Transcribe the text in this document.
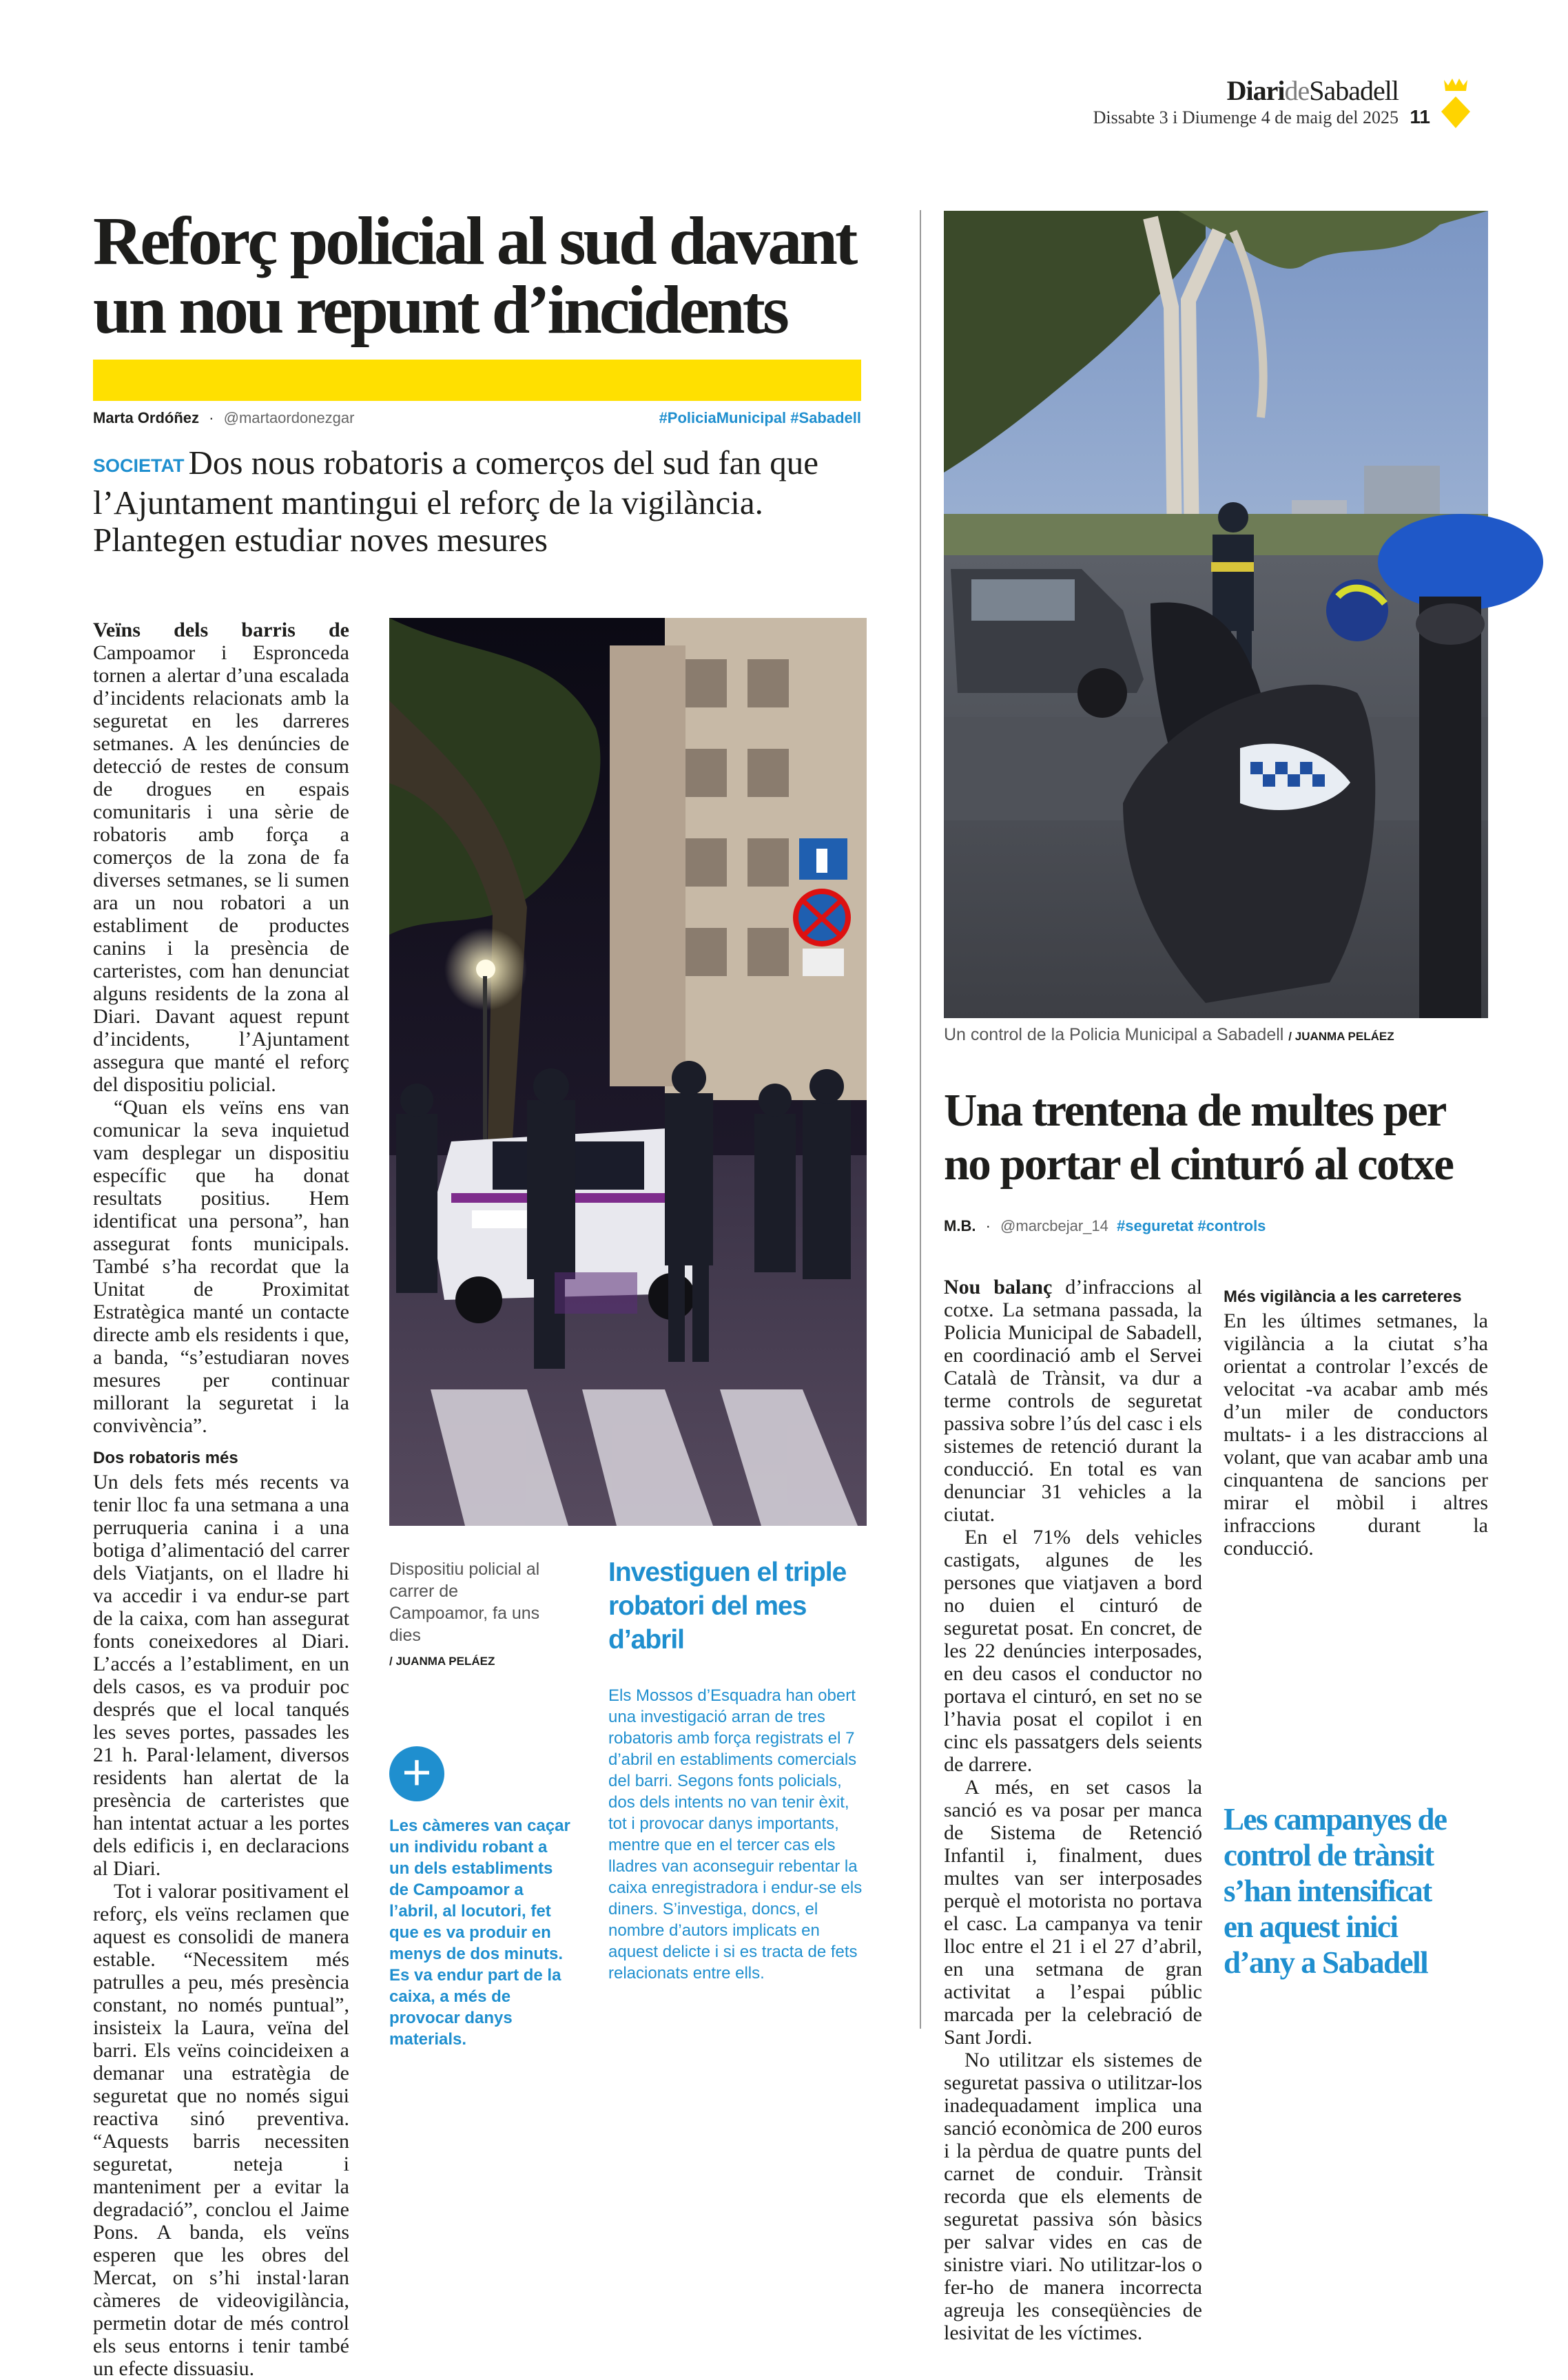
DiarideSabadell
Dissabte 3 i Diumenge 4 de maig del 2025 11
Reforç policial al sud davant
un nou repunt d’incidents
Marta Ordóñez · @martaordonezgar	#PoliciaMunicipal #Sabadell
SOCIETAT Dos nous robatoris a comerços del sud fan que l’Ajuntament mantingui el reforç de la vigilància. Plantegen estudiar noves mesures

Veïns dels barris de Campoamor i Espronceda tornen a alertar d’una escalada d’incidents relacionats amb la seguretat en les darreres setmanes. A les denúncies de detecció de restes de consum de drogues en espais comunitaris i una sèrie de robatoris amb força a comerços de la zona de fa diverses setmanes, se li sumen ara un nou robatori a un establiment de productes canins i la presència de carteristes, com han denunciat alguns residents de la zona al Diari. Davant aquest repunt d’incidents, l’Ajuntament assegura que manté el reforç del dispositiu policial.

“Quan els veïns ens van comunicar la seva inquietud vam desplegar un dispositiu específic que ha donat resultats positius. Hem identificat una persona”, han assegurat fonts municipals. També s’ha recordat que la Unitat de Proximitat Estratègica manté un contacte directe amb els residents i que, a banda, “s’estudiaran noves mesures per continuar millorant la seguretat i la convivència”.

Dos robatoris més

Un dels fets més recents va tenir lloc fa una setmana a una perruqueria canina i a una botiga d’alimentació del carrer dels Viatjants, on el lladre hi va accedir i va endur-se part de la caixa, com han assegurat fonts coneixedores al Diari. L’accés a l’establiment, en un dels casos, es va produir poc després que el local tanqués les seves portes, passades les 21 h. Paral·lelament, diversos residents han alertat de la presència de carteristes que han intentat actuar a les portes dels edificis i, en declaracions al Diari.

Tot i valorar positivament el reforç, els veïns reclamen que aquest es consolidi de manera estable. “Necessitem més patrulles a peu, més presència constant, no només puntual”, insisteix la Laura, veïna del barri. Els veïns coincideixen a demanar una estratègia de seguretat que no només sigui reactiva sinó preventiva. “Aquests barris necessiten seguretat, neteja i manteniment per a evitar la degradació”, conclou el Jaime Pons. A banda, els veïns esperen que les obres del Mercat, on s’hi instal·laran càmeres de videovigilància, permetin dotar de més control els seus entorns i tenir també un efecte dissuasiu.

Dispositiu policial al carrer de Campoamor, fa uns dies
/ JUANMA PELÁEZ
+
Les càmeres van caçar un individu robant a un dels establiments de Campoamor a l’abril, al locutori, fet que es va produir en menys de dos minuts. Es va endur part de la caixa, a més de provocar danys materials.
Investiguen el triple robatori del mes d’abril
Els Mossos d’Esquadra han obert una investigació arran de tres robatoris amb força registrats el 7 d’abril en establiments comercials del barri. Segons fonts policials, dos dels intents no van tenir èxit, tot i provocar danys importants, mentre que en el tercer cas els lladres van aconseguir rebentar la caixa enregistradora i endur-se els diners. S’investiga, doncs, el nombre d’autors implicats en aquest delicte i si es tracta de fets relacionats entre ells.
Un control de la Policia Municipal a Sabadell / JUANMA PELÁEZ
Una trentena de multes per
no portar el cinturó al cotxe
M.B. · @marcbejar_14 #seguretat #controls

Nou balanç d’infraccions al cotxe. La setmana passada, la Policia Municipal de Sabadell, en coordinació amb el Servei Català de Trànsit, va dur a terme controls de seguretat passiva sobre l’ús del casc i els sistemes de retenció durant la conducció. En total es van denunciar 31 vehicles a la ciutat.

En el 71% dels vehicles castigats, algunes de les persones que viatjaven a bord no duien el cinturó de seguretat posat. En concret, de les 22 denúncies interposades, en deu casos el conductor no portava el cinturó, en set no se l’havia posat el copilot i en cinc els passatgers dels seients de darrere.

A més, en set casos la sanció es va posar per manca de Sistema de Retenció Infantil i, finalment, dues multes van ser interposades perquè el motorista no portava el casc. La campanya va tenir lloc entre el 21 i el 27 d’abril, en una setmana de gran activitat a l’espai públic marcada per la celebració de Sant Jordi.

No utilitzar els sistemes de seguretat passiva o utilitzar-los inadequadament implica una sanció econòmica de 200 euros i la pèrdua de quatre punts del carnet de conduir. Trànsit recorda que els elements de seguretat passiva són bàsics per salvar vides en cas de sinistre viari. No utilitzar-los o fer-ho de manera incorrecta agreuja les conseqüències de lesivitat de les víctimes.

Més vigilància a les carreteres

En les últimes setmanes, la vigilància a la ciutat s’ha orientat a controlar l’excés de velocitat -va acabar amb més d’un miler de conductors multats- i a les distraccions al volant, que van acabar amb una cinquantena de sancions per mirar el mòbil i altres infraccions durant la conducció.

Les campanyes de control de trànsit s’han intensificat en aquest inici d’any a Sabadell
